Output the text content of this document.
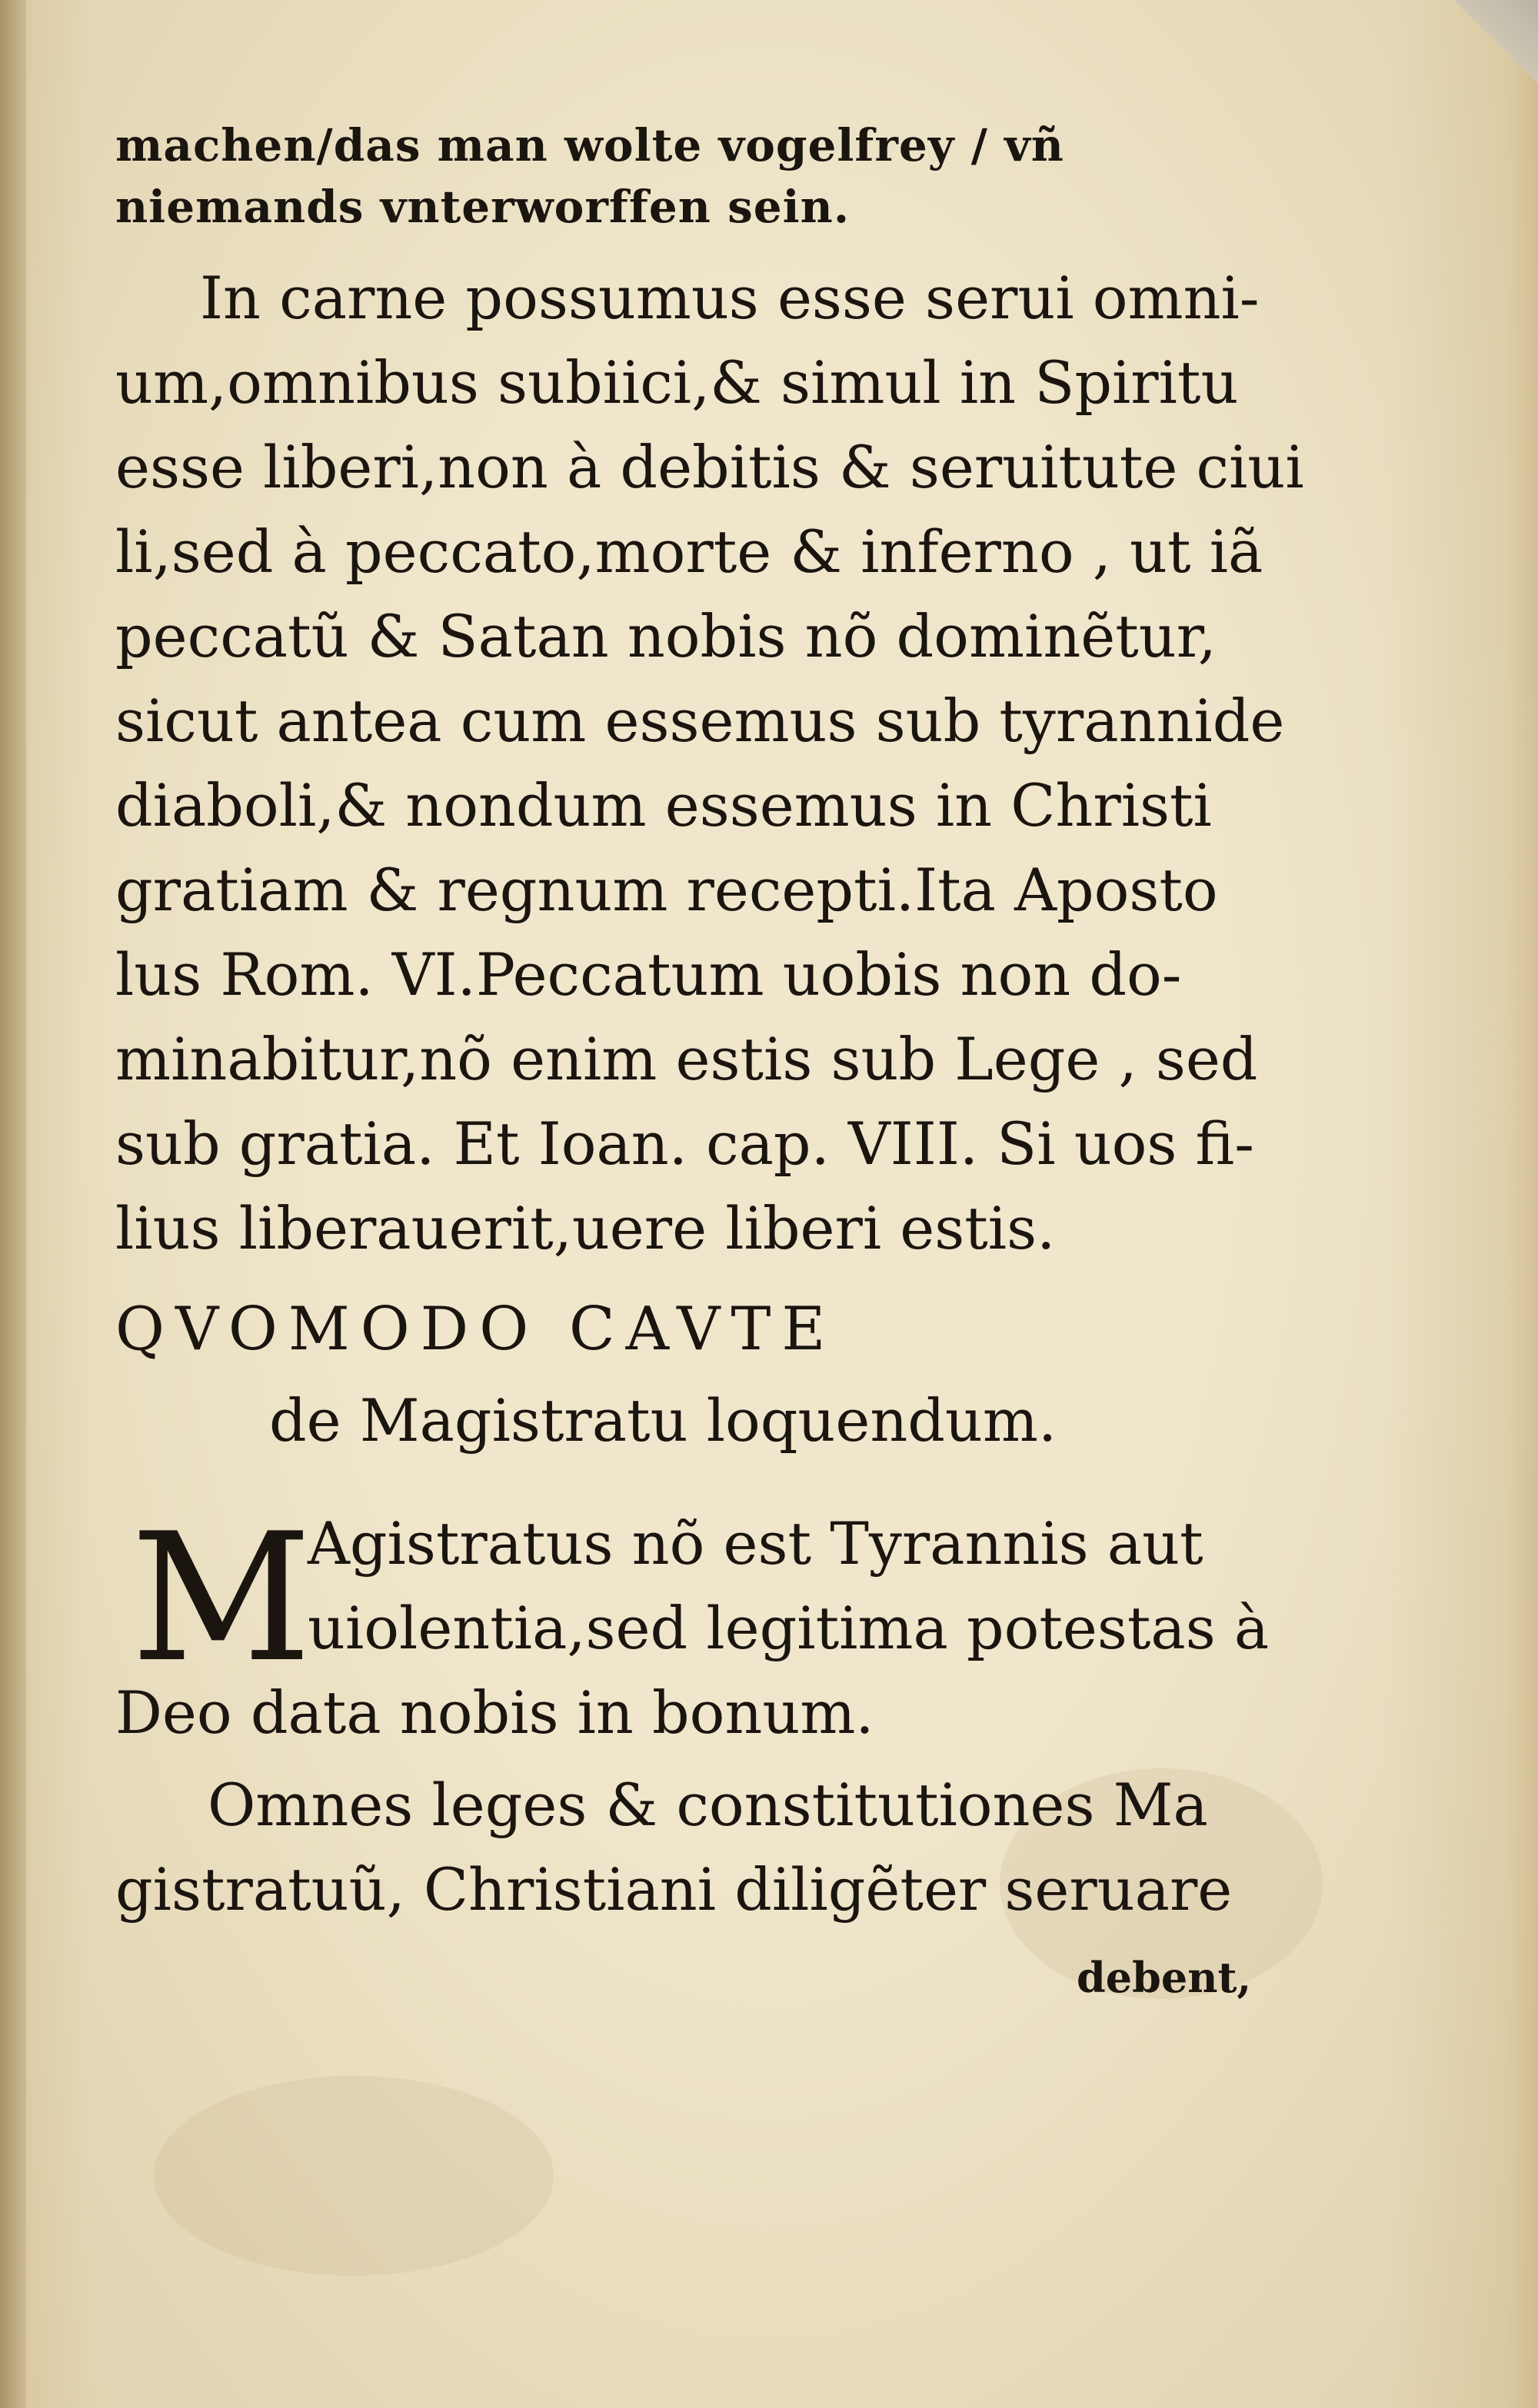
machen/das man wolte vogelfrey / vñ
niemands vnterworffen sein.
In carne possumus esse serui omni-
um,omnibus subiici,& simul in Spiritu
esse liberi,non à debitis & seruitute ciui
li,sed à peccato,morte & inferno , ut iã
peccatũ & Satan nobis nõ dominẽtur,
sicut antea cum essemus sub tyrannide
diaboli,& nondum essemus in Christi
gratiam & regnum recepti.Ita Aposto
lus Rom. VI.Peccatum uobis non do-
minabitur,nõ enim estis sub Lege , sed
sub gratia. Et Ioan. cap. VIII. Si uos fi-
lius liberauerit,uere liberi estis.
QVOMODO CAVTE
de Magistratu loquendum.
Agistratus nõ est Tyrannis aut
uiolentia,sed legitima potestas à
Deo data nobis in bonum.
Omnes leges & constitutiones Ma
gistratuũ, Christiani diligẽter seruare
M
debent,
